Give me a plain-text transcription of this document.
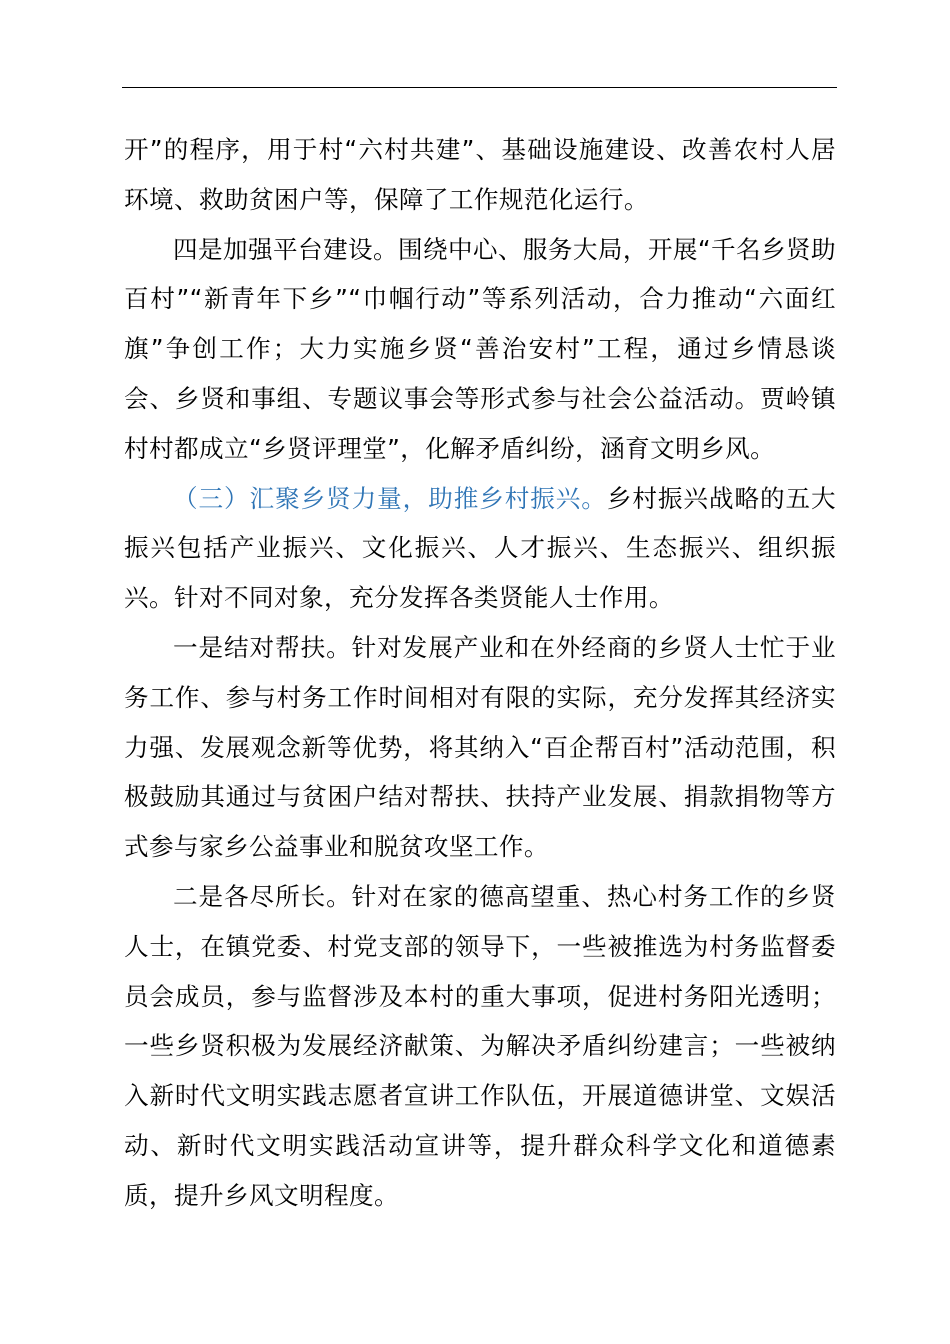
开”的程序，用于村“六村共建”、基础设施建设、改善农村人居环境、救助贫困户等，保障了工作规范化运行。

四是加强平台建设。围绕中心、服务大局，开展“千名乡贤助百村”“新青年下乡”“巾帼行动”等系列活动，合力推动“六面红旗”争创工作；大力实施乡贤“善治安村”工程，通过乡情恳谈会、乡贤和事组、专题议事会等形式参与社会公益活动。贾岭镇村村都成立“乡贤评理堂”，化解矛盾纠纷，涵育文明乡风。

（三）汇聚乡贤力量，助推乡村振兴。乡村振兴战略的五大振兴包括产业振兴、文化振兴、人才振兴、生态振兴、组织振兴。针对不同对象，充分发挥各类贤能人士作用。

一是结对帮扶。针对发展产业和在外经商的乡贤人士忙于业务工作、参与村务工作时间相对有限的实际，充分发挥其经济实力强、发展观念新等优势，将其纳入“百企帮百村”活动范围，积极鼓励其通过与贫困户结对帮扶、扶持产业发展、捐款捐物等方式参与家乡公益事业和脱贫攻坚工作。

二是各尽所长。针对在家的德高望重、热心村务工作的乡贤人士，在镇党委、村党支部的领导下，一些被推选为村务监督委员会成员，参与监督涉及本村的重大事项，促进村务阳光透明；一些乡贤积极为发展经济献策、为解决矛盾纠纷建言；一些被纳入新时代文明实践志愿者宣讲工作队伍，开展道德讲堂、文娱活动、新时代文明实践活动宣讲等，提升群众科学文化和道德素质，提升乡风文明程度。
